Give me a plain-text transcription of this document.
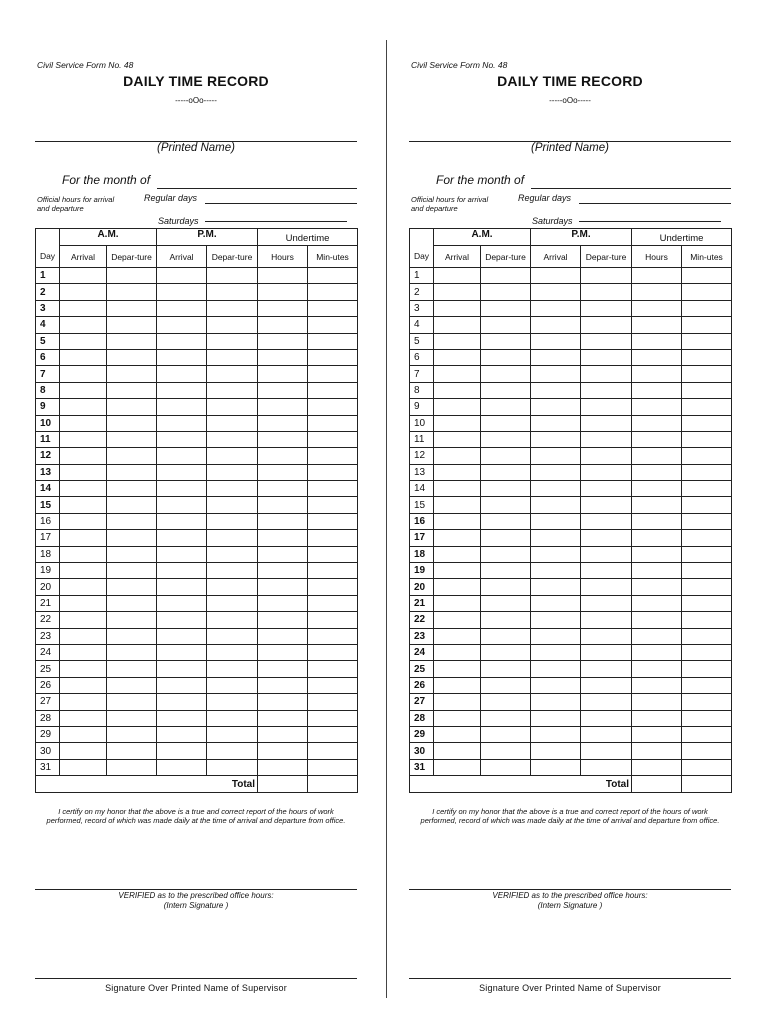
Civil Service Form No. 48
DAILY TIME RECORD
-----oOo-----
(Printed Name)
For the month of
Official hours for arrival and departure
Regular days
Saturdays
	A.M.		P.M.		Undertime	
Day	Arrival	Depar-ture	Arrival	Depar-ture	Hours	Min-utes
1						
2						
3						
4						
5						
6						
7						
8						
9						
10						
11						
12						
13						
14						
15						
16						
17						
18						
19						
20						
21						
22						
23						
24						
25						
26						
27						
28						
29						
30						
31						
Total						
I certify on my honor that the above is a true and correct report of the hours of work performed, record of which was made daily at the time of arrival and departure from office.
VERIFIED as to the prescribed office hours:
(Intern Signature )
Signature Over Printed Name of Supervisor
Civil Service Form No. 48
DAILY TIME RECORD
-----oOo-----
(Printed Name)
For the month of
Official hours for arrival and departure
Regular days
Saturdays
	A.M.		P.M.		Undertime	
Day	Arrival	Depar-ture	Arrival	Depar-ture	Hours	Min-utes
1						
2						
3						
4						
5						
6						
7						
8						
9						
10						
11						
12						
13						
14						
15						
16						
17						
18						
19						
20						
21						
22						
23						
24						
25						
26						
27						
28						
29						
30						
31						
Total						
I certify on my honor that the above is a true and correct report of the hours of work performed, record of which was made daily at the time of arrival and departure from office.
VERIFIED as to the prescribed office hours:
(Intern Signature )
Signature Over Printed Name of Supervisor
